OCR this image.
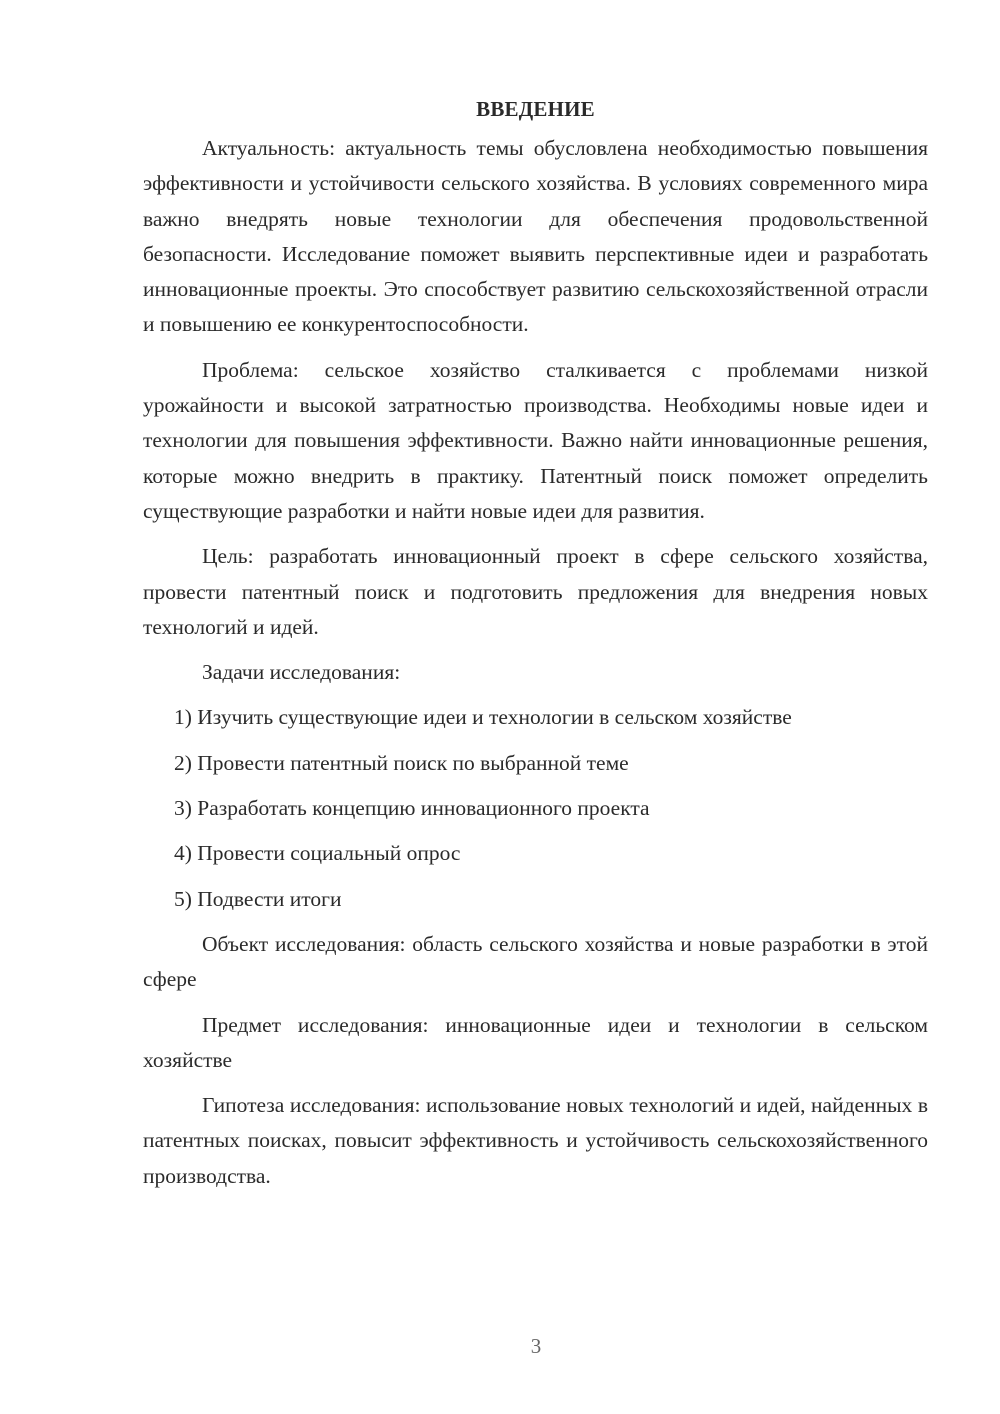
ВВЕДЕНИЕ

Актуальность: актуальность темы обусловлена необходимостью повышения эффективности и устойчивости сельского хозяйства. В условиях современного мира важно внедрять новые технологии для обеспечения продовольственной безопасности. Исследование поможет выявить перспективные идеи и разработать инновационные проекты. Это способствует развитию сельскохозяйственной отрасли и повышению ее конкурентоспособности.

Проблема: сельское хозяйство сталкивается с проблемами низкой урожайности и высокой затратностью производства. Необходимы новые идеи и технологии для повышения эффективности. Важно найти инновационные решения, которые можно внедрить в практику. Патентный поиск поможет определить существующие разработки и найти новые идеи для развития.

Цель: разработать инновационный проект в сфере сельского хозяйства, провести патентный поиск и подготовить предложения для внедрения новых технологий и идей.

Задачи исследования:
1) Изучить существующие идеи и технологии в сельском хозяйстве
2) Провести патентный поиск по выбранной теме
3) Разработать концепцию инновационного проекта
4) Провести социальный опрос
5) Подвести итоги

Объект исследования: область сельского хозяйства и новые разработки в этой сфере

Предмет исследования: инновационные идеи и технологии в сельском хозяйстве

Гипотеза исследования: использование новых технологий и идей, найденных в патентных поисках, повысит эффективность и устойчивость сельскохозяйственного производства.

3
